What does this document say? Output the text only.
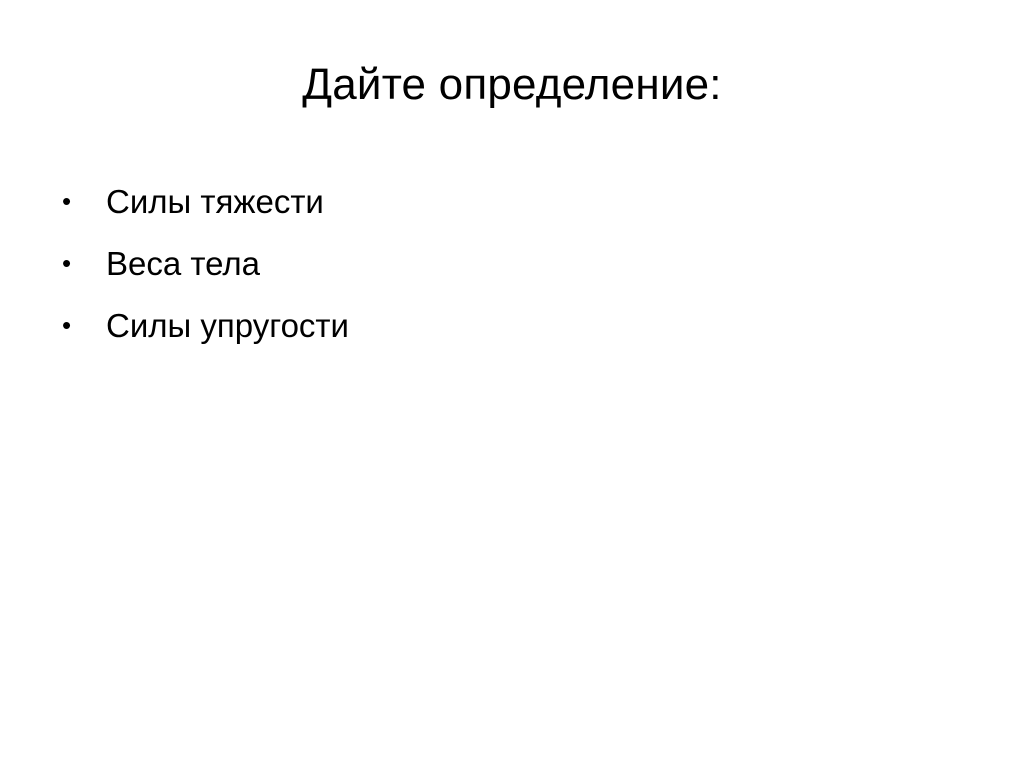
Дайте определение:
•	Силы тяжести
•	Веса тела
•	Силы упругости
